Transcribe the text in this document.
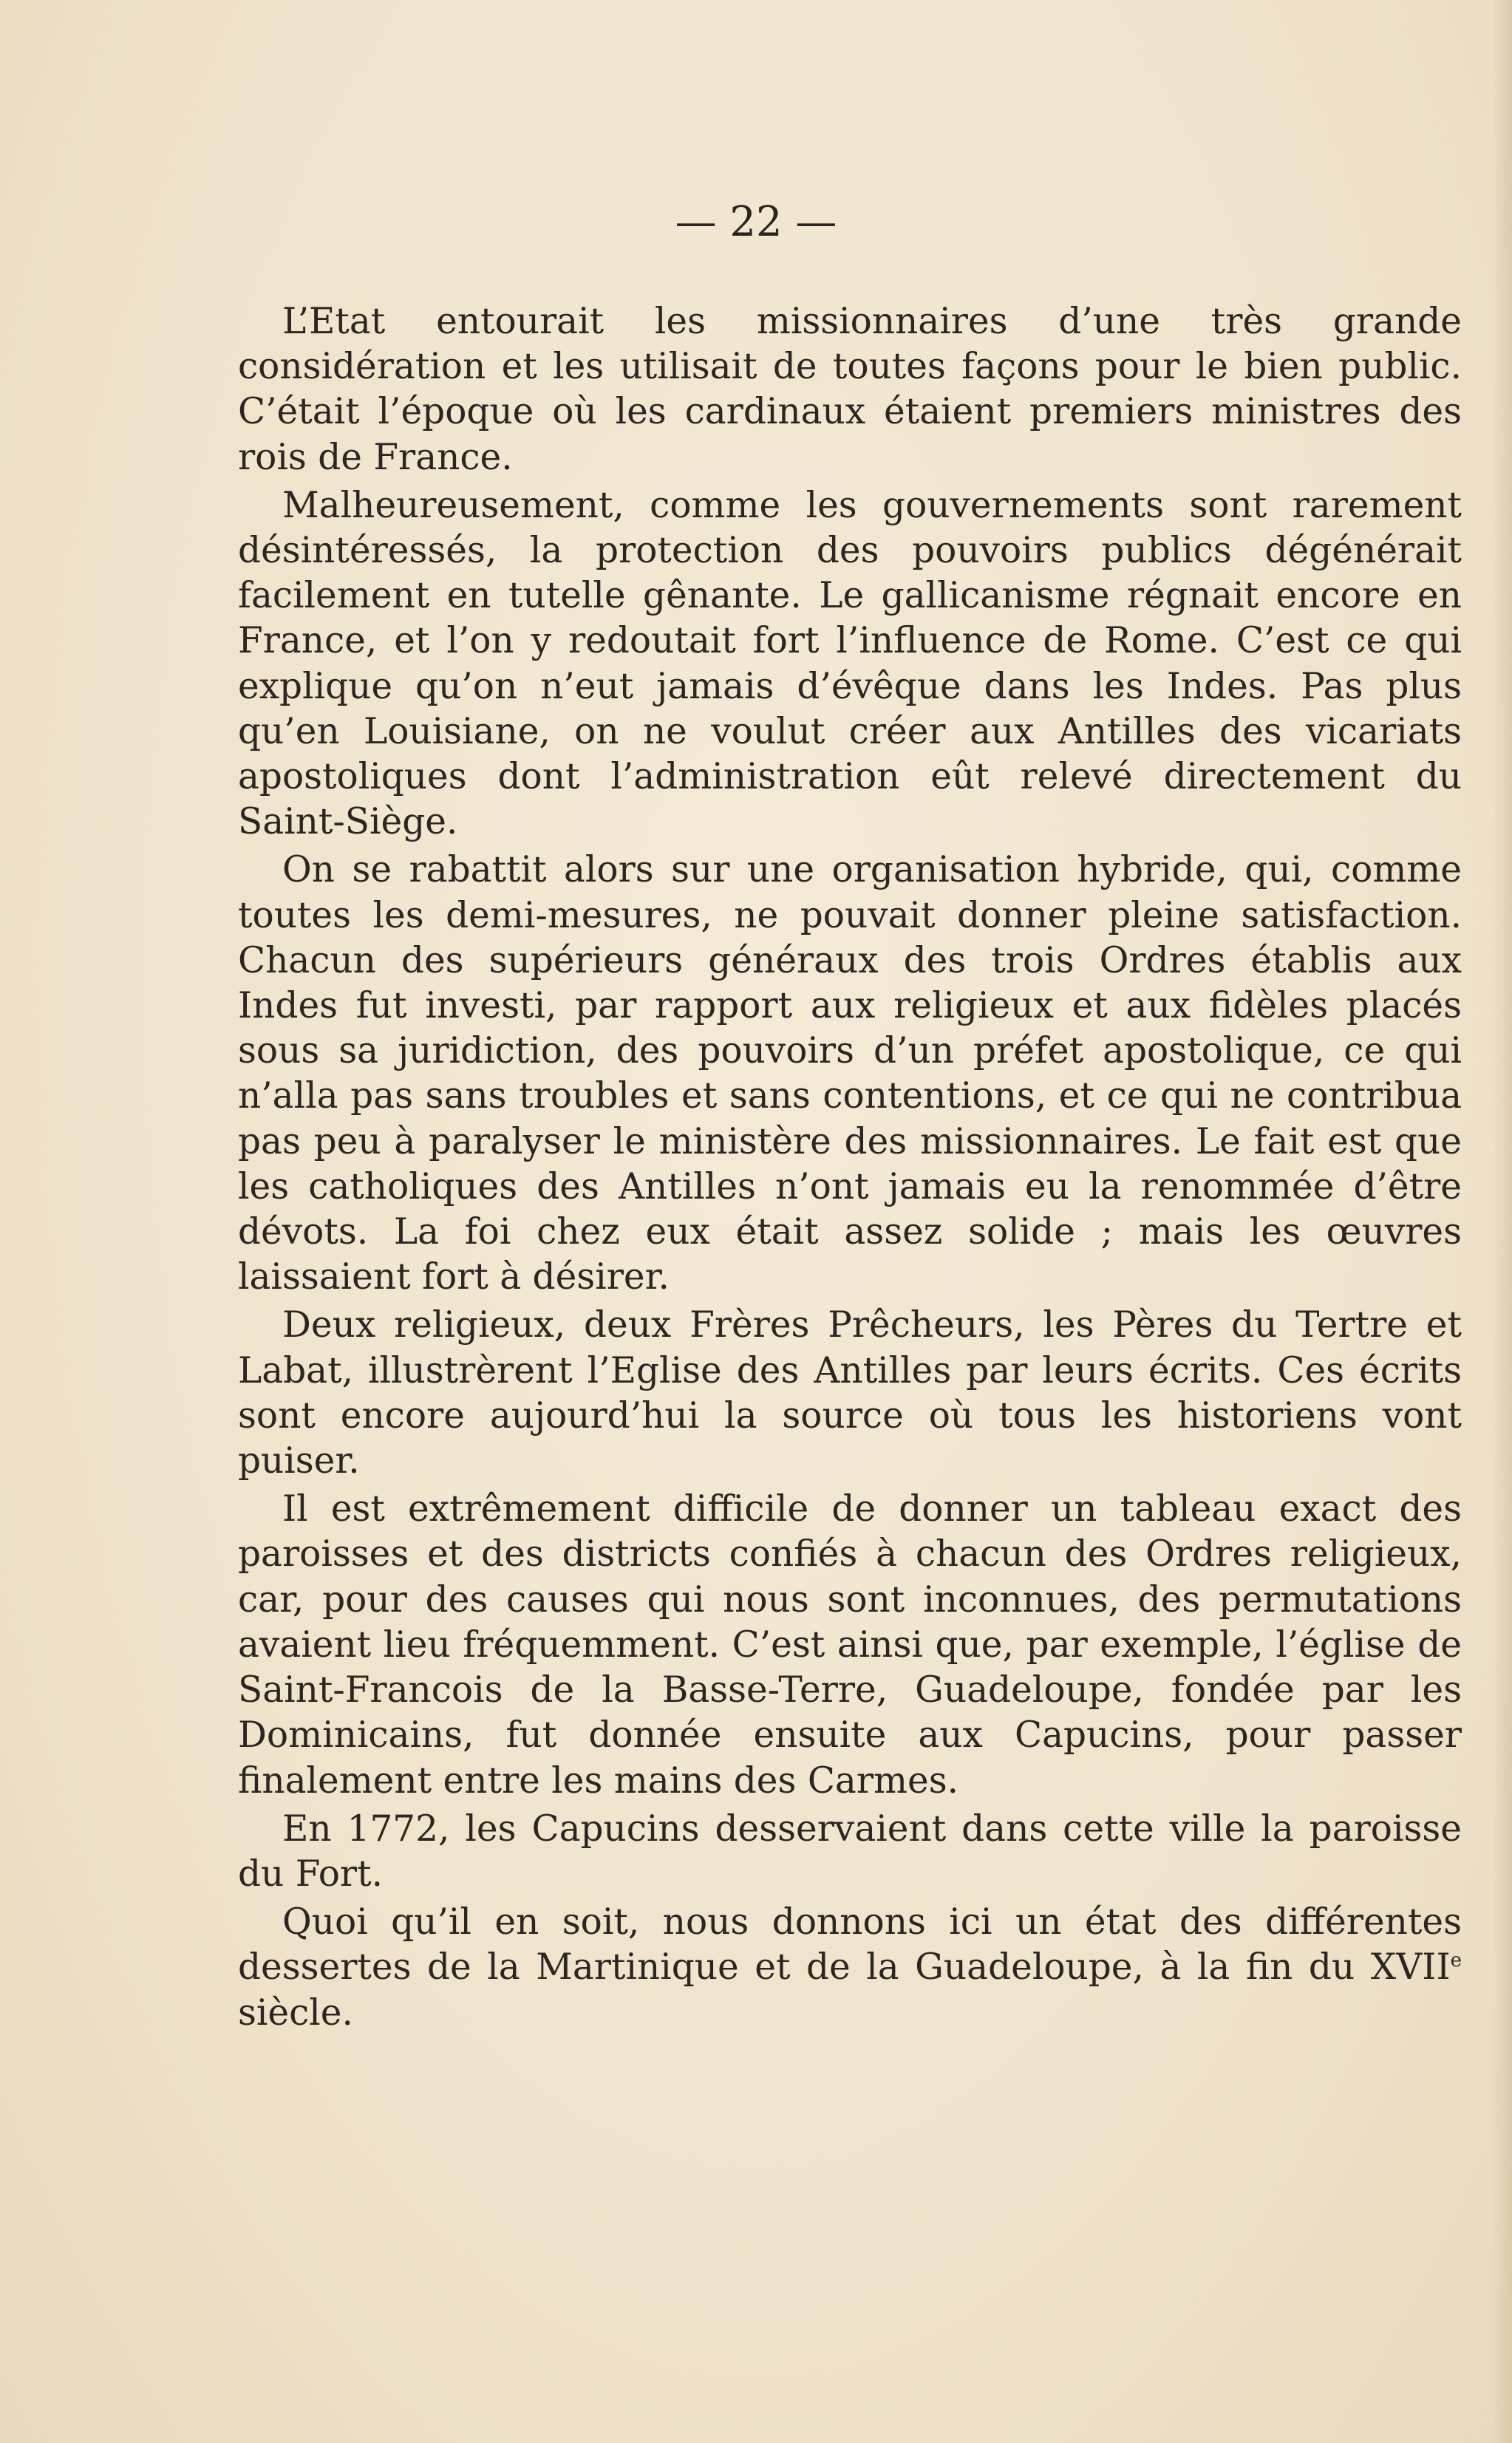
— 22 —

L’Etat entourait les missionnaires d’une très grande considération et les utilisait de toutes façons pour le bien public. C’était l’époque où les cardinaux étaient premiers ministres des rois de France.

Malheureusement, comme les gouvernements sont rarement désintéressés, la protection des pouvoirs publics dégénérait facilement en tutelle gênante. Le gallicanisme régnait encore en France, et l’on y redoutait fort l’influence de Rome. C’est ce qui explique qu’on n’eut jamais d’évêque dans les Indes. Pas plus qu’en Louisiane, on ne voulut créer aux Antilles des vicariats apostoliques dont l’administration eût relevé directement du Saint-Siège.

On se rabattit alors sur une organisation hybride, qui, comme toutes les demi-mesures, ne pouvait donner pleine satisfaction. Chacun des supérieurs généraux des trois Ordres établis aux Indes fut investi, par rapport aux religieux et aux fidèles placés sous sa juridiction, des pouvoirs d’un préfet apostolique, ce qui n’alla pas sans troubles et sans contentions, et ce qui ne contribua pas peu à paralyser le ministère des missionnaires. Le fait est que les catholiques des Antilles n’ont jamais eu la renommée d’être dévots. La foi chez eux était assez solide ; mais les œuvres laissaient fort à désirer.

Deux religieux, deux Frères Prêcheurs, les Pères du Tertre et Labat, illustrèrent l’Eglise des Antilles par leurs écrits. Ces écrits sont encore aujourd’hui la source où tous les historiens vont puiser.

Il est extrêmement difficile de donner un tableau exact des paroisses et des districts confiés à chacun des Ordres religieux, car, pour des causes qui nous sont inconnues, des permutations avaient lieu fréquemment. C’est ainsi que, par exemple, l’église de Saint-Francois de la Basse-Terre, Guadeloupe, fondée par les Dominicains, fut donnée ensuite aux Capucins, pour passer finalement entre les mains des Carmes.

En 1772, les Capucins desservaient dans cette ville la paroisse du Fort.

Quoi qu’il en soit, nous donnons ici un état des différentes dessertes de la Martinique et de la Guadeloupe, à la fin du XVIIe siècle.
